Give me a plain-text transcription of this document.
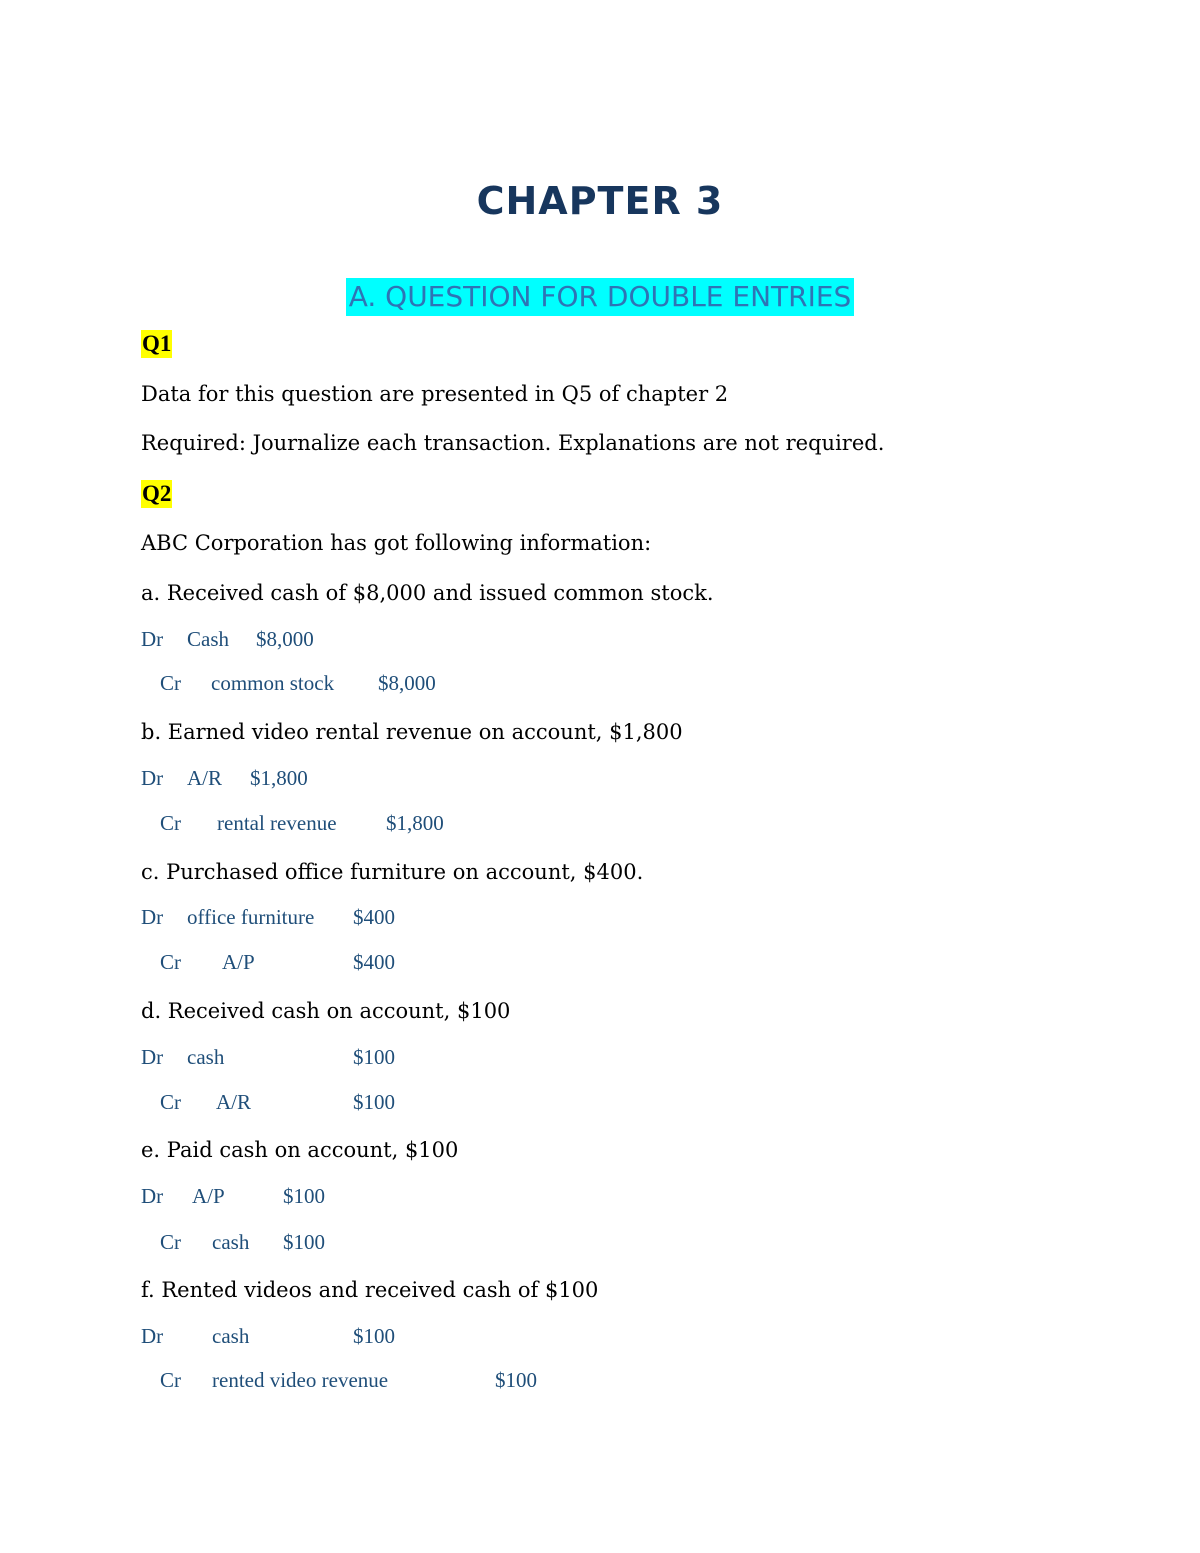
CHAPTER 3
A. QUESTION FOR DOUBLE ENTRIES
Q1
Data for this question are presented in Q5 of chapter 2
Required: Journalize each transaction. Explanations are not required.
Q2
ABC Corporation has got following information:
a. Received cash of $8,000 and issued common stock.
Dr Cash $8,000
Cr common stock $8,000
b. Earned video rental revenue on account, $1,800
Dr A/R $1,800
Cr rental revenue $1,800
c. Purchased office furniture on account, $400.
Dr office furniture $400
Cr A/P	$400
d. Received cash on account, $100
Dr cash	$100
Cr A/R	$100
e. Paid cash on account, $100
Dr A/P	$100
Cr cash $100
f. Rented videos and received cash of $100
Dr cash	$100
Cr rented video revenue	$100
